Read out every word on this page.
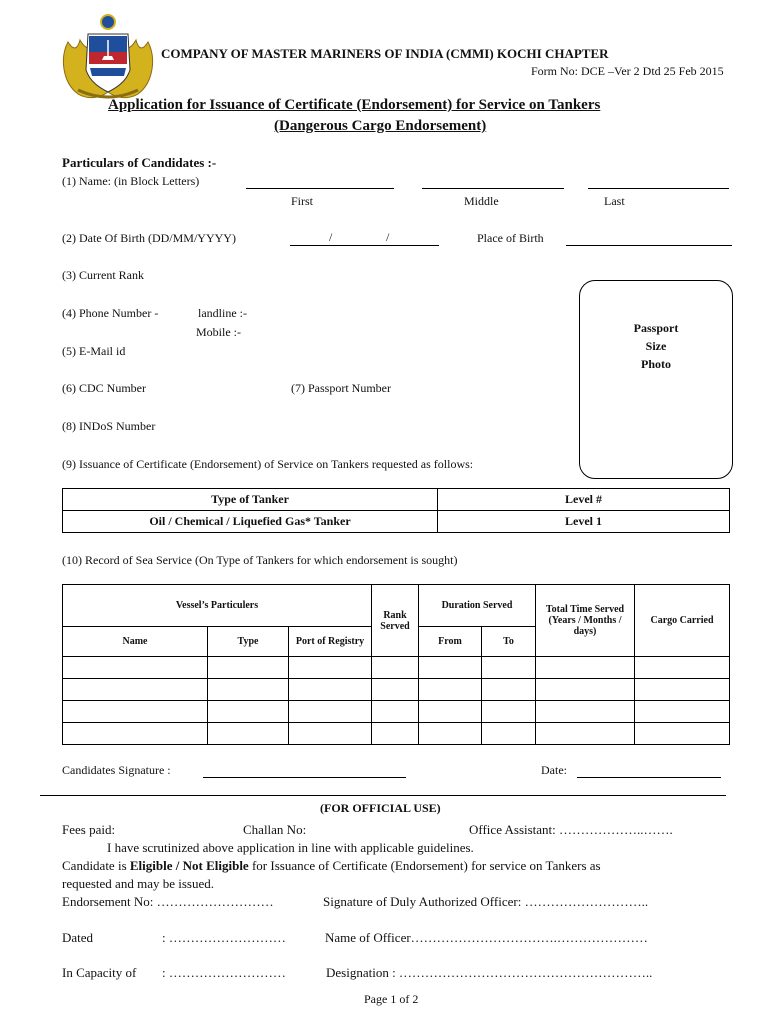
COMPANY OF MASTER MARINERS OF INDIA (CMMI) KOCHI CHAPTER
Form No: DCE –Ver 2 Dtd 25 Feb 2015
Application for Issuance of Certificate (Endorsement) for Service on Tankers
(Dangerous Cargo Endorsement)
Particulars of Candidates :-
(1) Name: (in Block Letters)
First	Middle	Last
(2) Date Of Birth (DD/MM/YYYY)	/	/	Place of Birth
(3) Current Rank
(4) Phone Number -	landline :-
Mobile :-
(5) E-Mail id
(6) CDC Number	(7) Passport Number
(8) INDoS Number
(9) Issuance of Certificate (Endorsement) of Service on Tankers requested as follows:
Passport
Size
Photo
Type of Tanker	Level #
Oil / Chemical / Liquefied Gas* Tanker	Level 1
(10) Record of Sea Service (On Type of Tankers for which endorsement is sought)
Vessel’s Particulers			Rank Served	Duration Served		Total Time Served (Years / Months / days)	Cargo Carried
Name	Type	Port of Registry		From	To		

Candidates Signature :	Date:
(FOR OFFICIAL USE)
Fees paid:	Challan No:	Office Assistant: ………………..…….
I have scrutinized above application in line with applicable guidelines.
Candidate is Eligible / Not Eligible for Issuance of Certificate (Endorsement) for service on Tankers as
requested and may be issued.
Endorsement No: ………………………	Signature of Duly Authorized Officer: ………………………..
Dated	: ………………………	Name of Officer…………………………….…………………
In Capacity of : ………………………	Designation : …………………………………………………..
Page 1 of 2
